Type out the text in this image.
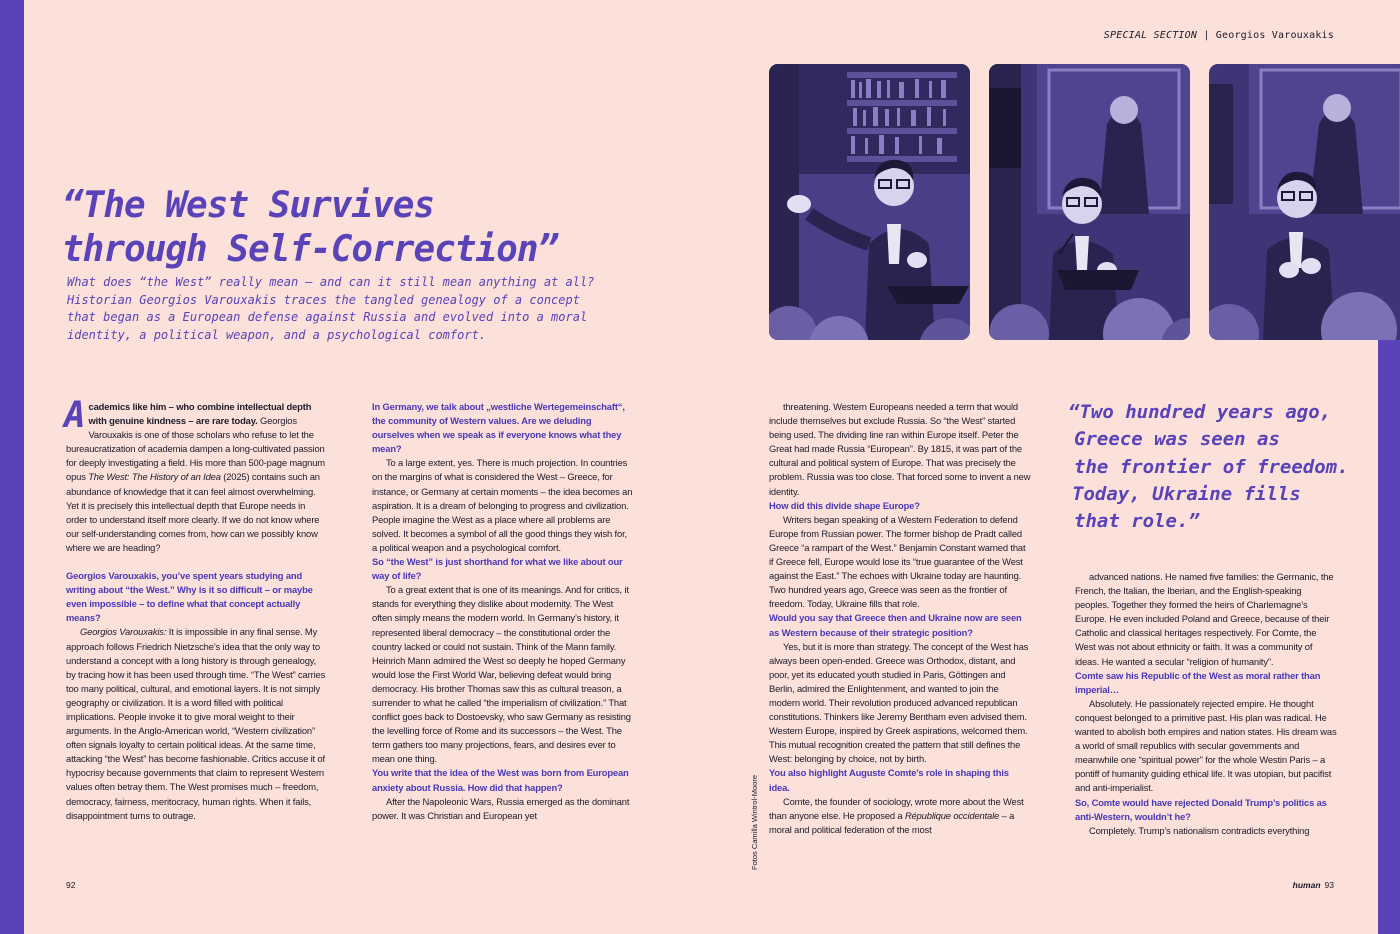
SPECIAL SECTION | Georgios Varouxakis
“The West Survives
through Self-Correction”
What does “the West” really mean — and can it still mean anything at all?
Historian Georgios Varouxakis traces the tangled genealogy of a concept
that began as a European defense against Russia and evolved into a moral
identity, a political weapon, and a psychological comfort.

Academics like him – who combine intellectual depth with genuine kindness – are rare today. Georgios Varouxakis is one of those scholars who refuse to let the bureaucratization of academia dampen a long-cultivated passion for deeply investigating a field. His more than 500-page magnum opus The West: The History of an Idea (2025) contains such an abundance of knowledge that it can feel almost overwhelming. Yet it is precisely this intellectual depth that Europe needs in order to understand itself more clearly. If we do not know where our self-understanding comes from, how can we possibly know where we are heading?

Georgios Varouxakis, you’ve spent years studying and writing about “the West.” Why is it so difficult – or maybe even impossible – to define what that concept actually means?

Georgios Varouxakis: It is impossible in any final sense. My approach follows Friedrich Nietzsche’s idea that the only way to understand a concept with a long history is through genealogy, by tracing how it has been used through time. “The West” carries too many political, cultural, and emotional layers. It is not simply geography or civilization. It is a word filled with political implications. People invoke it to give moral weight to their arguments. In the Anglo-American world, “Western civilization” often signals loyalty to certain political ideas. At the same time, attacking “the West” has become fashionable. Critics accuse it of hypocrisy because governments that claim to represent Western values often betray them. The West promises much – freedom, democracy, fairness, meritocracy, human rights. When it fails, disappointment turns to outrage.

In Germany, we talk about „westliche Wertegemeinschaft“, the community of Western values. Are we deluding ourselves when we speak as if everyone knows what they mean?

To a large extent, yes. There is much projection. In countries on the margins of what is considered the West – Greece, for instance, or Germany at certain moments – the idea becomes an aspiration. It is a dream of belonging to progress and civilization. People imagine the West as a place where all problems are solved. It becomes a symbol of all the good things they wish for, a political weapon and a psychological comfort.

So “the West” is just shorthand for what we like about our way of life?

To a great extent that is one of its meanings. And for critics, it stands for everything they dislike about modernity. The West often simply means the modern world. In Germany’s history, it represented liberal democracy – the constitutional order the country lacked or could not sustain. Think of the Mann family. Heinrich Mann admired the West so deeply he hoped Germany would lose the First World War, believing defeat would bring democracy. His brother Thomas saw this as cultural treason, a surrender to what he called “the imperialism of civilization.” That conflict goes back to Dostoevsky, who saw Germany as resisting the levelling force of Rome and its successors – the West. The term gathers too many projections, fears, and desires ever to mean one thing.

You write that the idea of the West was born from European anxiety about Russia. How did that happen?

After the Napoleonic Wars, Russia emerged as the dominant power. It was Christian and European yet

threatening. Western Europeans needed a term that would include themselves but exclude Russia. So “the West” started being used. The dividing line ran within Europe itself. Peter the Great had made Russia “European”. By 1815, it was part of the cultural and political system of Europe. That was precisely the problem. Russia was too close. That forced some to invent a new identity.

How did this divide shape Europe?

Writers began speaking of a Western Federation to defend Europe from Russian power. The former bishop de Pradt called Greece “a rampart of the West.” Benjamin Constant warned that if Greece fell, Europe would lose its “true guarantee of the West against the East.” The echoes with Ukraine today are haunting. Two hundred years ago, Greece was seen as the frontier of freedom. Today, Ukraine fills that role.

Would you say that Greece then and Ukraine now are seen as Western because of their strategic position?

Yes, but it is more than strategy. The concept of the West has always been open-ended. Greece was Orthodox, distant, and poor, yet its educated youth studied in Paris, Göttingen and Berlin, admired the Enlightenment, and wanted to join the modern world. Their revolution produced advanced republican constitutions. Thinkers like Jeremy Bentham even advised them. Western Europe, inspired by Greek aspirations, welcomed them. This mutual recognition created the pattern that still defines the West: belonging by choice, not by birth.

You also highlight Auguste Comte’s role in shaping this idea.

Comte, the founder of sociology, wrote more about the West than anyone else. He proposed a République occidentale – a moral and political federation of the most

“Two hundred years ago,
Greece was seen as
the frontier of freedom.
Today, Ukraine fills
that role.”

advanced nations. He named five families: the Germanic, the French, the Italian, the Iberian, and the English-speaking peoples. Together they formed the heirs of Charlemagne’s Europe. He even included Poland and Greece, because of their Catholic and classical heritages respectively. For Comte, the West was not about ethnicity or faith. It was a community of ideas. He wanted a secular “religion of humanity”.

Comte saw his Republic of the West as moral rather than imperial…

Absolutely. He passionately rejected empire. He thought conquest belonged to a primitive past. His plan was radical. He wanted to abolish both empires and nation states. His dream was a world of small republics with secular governments and meanwhile one “spiritual power” for the whole Westin Paris – a pontiff of humanity guiding ethical life. It was utopian, but pacifist and anti-imperialist.

So, Comte would have rejected Donald Trump’s politics as anti-Western, wouldn’t he?

Completely. Trump’s nationalism contradicts everything

Fotos Camilla Wintrol-Moore
92	human 93
